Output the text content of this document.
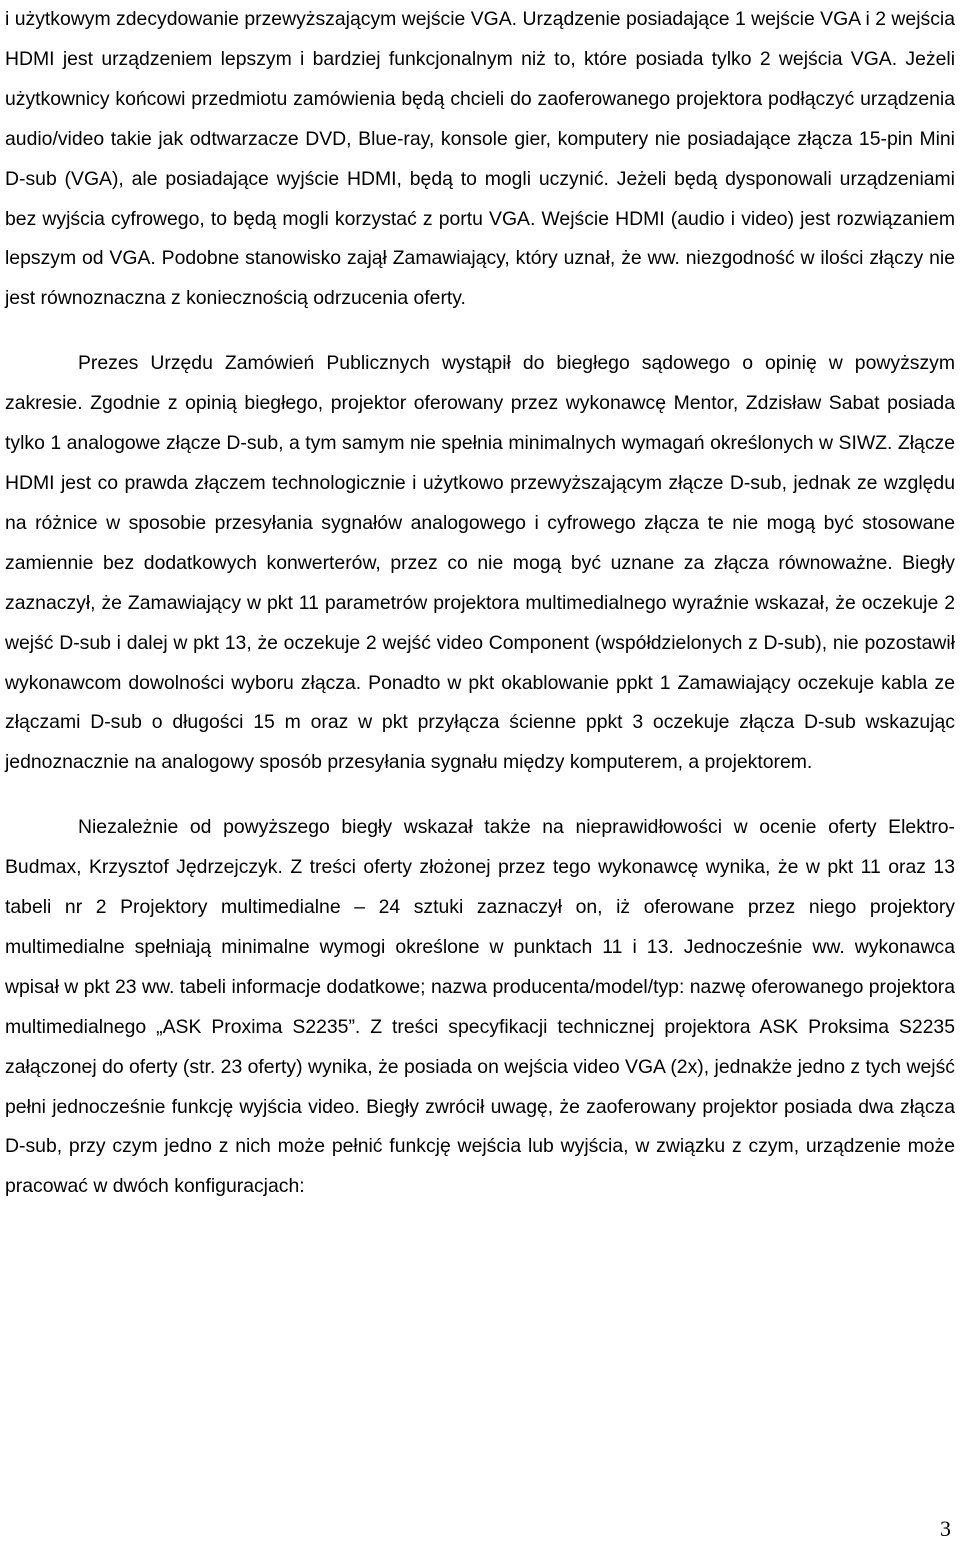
i użytkowym zdecydowanie przewyższającym wejście VGA. Urządzenie posiadające 1 wejście VGA i 2 wejścia HDMI jest urządzeniem lepszym i bardziej funkcjonalnym niż to, które posiada tylko 2 wejścia VGA. Jeżeli użytkownicy końcowi przedmiotu zamówienia będą chcieli do zaoferowanego projektora podłączyć urządzenia audio/video takie jak odtwarzacze DVD, Blue-ray, konsole gier, komputery nie posiadające złącza 15-pin Mini D-sub (VGA), ale posiadające wyjście HDMI, będą to mogli uczynić. Jeżeli będą dysponowali urządzeniami bez wyjścia cyfrowego, to będą mogli korzystać z portu VGA. Wejście HDMI (audio i video) jest rozwiązaniem lepszym od VGA. Podobne stanowisko zajął Zamawiający, który uznał, że ww. niezgodność w ilości złączy nie jest równoznaczna z koniecznością odrzucenia oferty.

Prezes Urzędu Zamówień Publicznych wystąpił do biegłego sądowego o opinię w powyższym zakresie. Zgodnie z opinią biegłego, projektor oferowany przez wykonawcę Mentor, Zdzisław Sabat posiada tylko 1 analogowe złącze D-sub, a tym samym nie spełnia minimalnych wymagań określonych w SIWZ. Złącze HDMI jest co prawda złączem technologicznie i użytkowo przewyższającym złącze D-sub, jednak ze względu na różnice w sposobie przesyłania sygnałów analogowego i cyfrowego złącza te nie mogą być stosowane zamiennie bez dodatkowych konwerterów, przez co nie mogą być uznane za złącza równoważne. Biegły zaznaczył, że Zamawiający w pkt 11 parametrów projektora multimedialnego wyraźnie wskazał, że oczekuje 2 wejść D-sub i dalej w pkt 13, że oczekuje 2 wejść video Component (współdzielonych z D-sub), nie pozostawił wykonawcom dowolności wyboru złącza. Ponadto w pkt okablowanie ppkt 1 Zamawiający oczekuje kabla ze złączami D-sub o długości 15 m oraz w pkt przyłącza ścienne ppkt 3 oczekuje złącza D-sub wskazując jednoznacznie na analogowy sposób przesyłania sygnału między komputerem, a projektorem.

Niezależnie od powyższego biegły wskazał także na nieprawidłowości w ocenie oferty Elektro-Budmax, Krzysztof Jędrzejczyk. Z treści oferty złożonej przez tego wykonawcę wynika, że w pkt 11 oraz 13 tabeli nr 2 Projektory multimedialne – 24 sztuki zaznaczył on, iż oferowane przez niego projektory multimedialne spełniają minimalne wymogi określone w punktach 11 i 13. Jednocześnie ww. wykonawca wpisał w pkt 23 ww. tabeli informacje dodatkowe; nazwa producenta/model/typ: nazwę oferowanego projektora multimedialnego „ASK Proxima S2235”. Z treści specyfikacji technicznej projektora ASK Proksima S2235 załączonej do oferty (str. 23 oferty) wynika, że posiada on wejścia video VGA (2x), jednakże jedno z tych wejść pełni jednocześnie funkcję wyjścia video. Biegły zwrócił uwagę, że zaoferowany projektor posiada dwa złącza D-sub, przy czym jedno z nich może pełnić funkcję wejścia lub wyjścia, w związku z czym, urządzenie może pracować w dwóch konfiguracjach:

3
